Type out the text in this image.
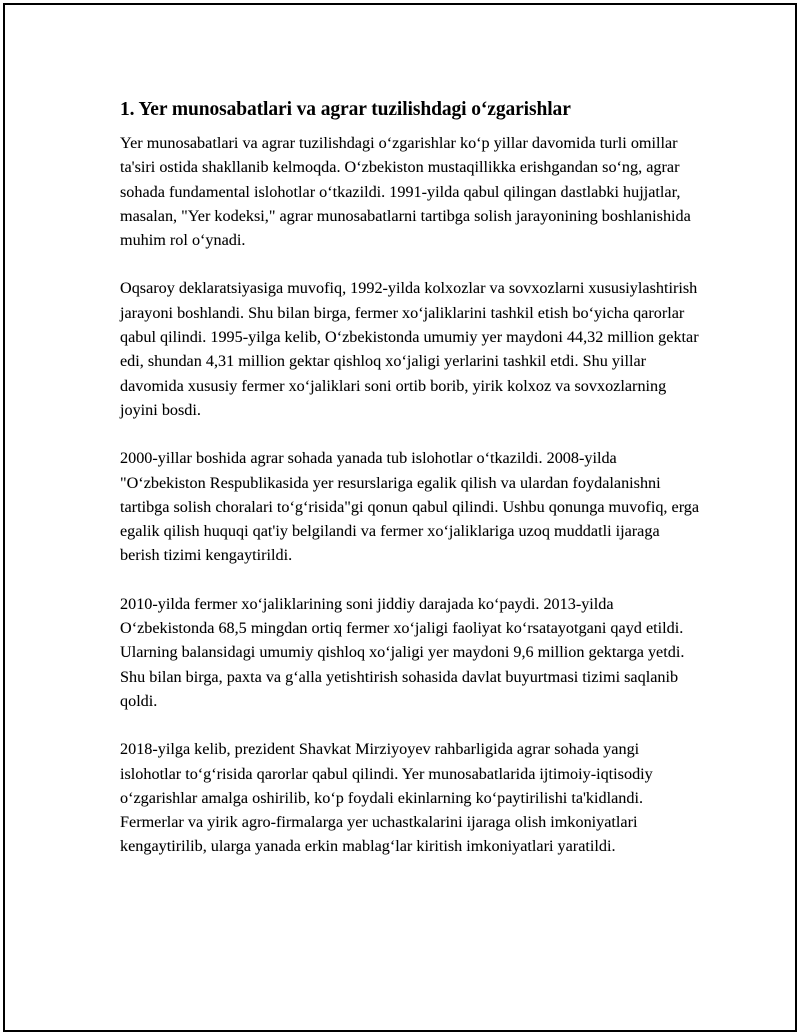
1. Yer munosabatlari va agrar tuzilishdagi o‘zgarishlar

Yer munosabatlari va agrar tuzilishdagi o‘zgarishlar ko‘p yillar davomida turli omillar ta'siri ostida shakllanib kelmoqda. O‘zbekiston mustaqillikka erishgandan so‘ng, agrar sohada fundamental islohotlar o‘tkazildi. 1991-yilda qabul qilingan dastlabki hujjatlar, masalan, "Yer kodeksi," agrar munosabatlarni tartibga solish jarayonining boshlanishida muhim rol o‘ynadi.

Oqsaroy deklaratsiyasiga muvofiq, 1992-yilda kolxozlar va sovxozlarni xususiylashtirish jarayoni boshlandi. Shu bilan birga, fermer xo‘jaliklarini tashkil etish bo‘yicha qarorlar qabul qilindi. 1995-yilga kelib, O‘zbekistonda umumiy yer maydoni 44,32 million gektar edi, shundan 4,31 million gektar qishloq xo‘jaligi yerlarini tashkil etdi. Shu yillar davomida xususiy fermer xo‘jaliklari soni ortib borib, yirik kolxoz va sovxozlarning joyini bosdi.

2000-yillar boshida agrar sohada yanada tub islohotlar o‘tkazildi. 2008-yilda "O‘zbekiston Respublikasida yer resurslariga egalik qilish va ulardan foydalanishni tartibga solish choralari to‘g‘risida"gi qonun qabul qilindi. Ushbu qonunga muvofiq, erga egalik qilish huquqi qat'iy belgilandi va fermer xo‘jaliklariga uzoq muddatli ijaraga berish tizimi kengaytirildi.

2010-yilda fermer xo‘jaliklarining soni jiddiy darajada ko‘paydi. 2013-yilda O‘zbekistonda 68,5 mingdan ortiq fermer xo‘jaligi faoliyat ko‘rsatayotgani qayd etildi. Ularning balansidagi umumiy qishloq xo‘jaligi yer maydoni 9,6 million gektarga yetdi. Shu bilan birga, paxta va g‘alla yetishtirish sohasida davlat buyurtmasi tizimi saqlanib qoldi.

2018-yilga kelib, prezident Shavkat Mirziyoyev rahbarligida agrar sohada yangi islohotlar to‘g‘risida qarorlar qabul qilindi. Yer munosabatlarida ijtimoiy-iqtisodiy o‘zgarishlar amalga oshirilib, ko‘p foydali ekinlarning ko‘paytirilishi ta'kidlandi. Fermerlar va yirik agro-firmalarga yer uchastkalarini ijaraga olish imkoniyatlari kengaytirilib, ularga yanada erkin mablag‘lar kiritish imkoniyatlari yaratildi.
